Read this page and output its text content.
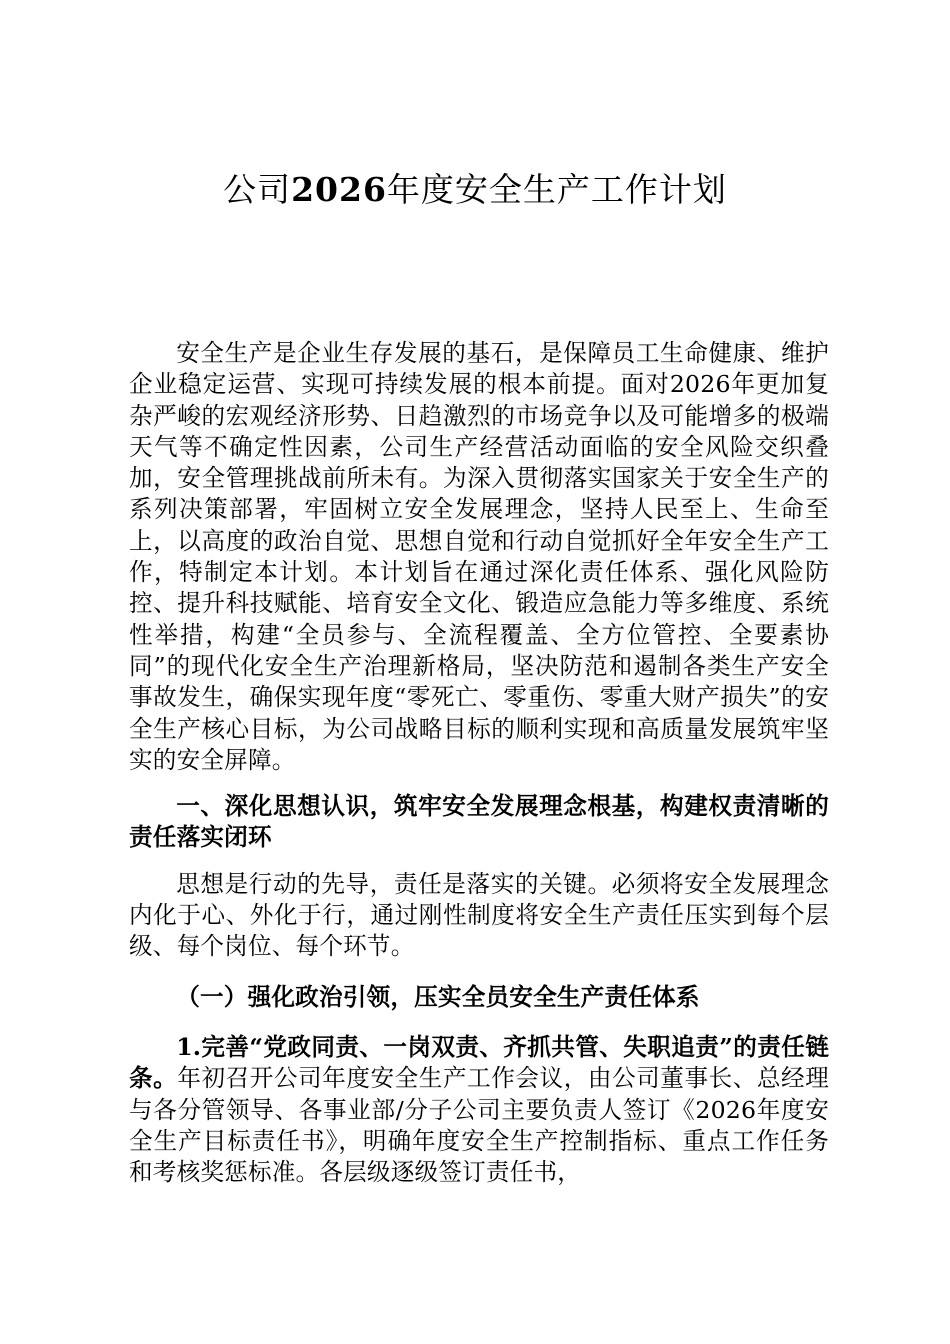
公司2026年度安全生产工作计划

安全生产是企业生存发展的基石，是保障员工生命健康、维护企业稳定运营、实现可持续发展的根本前提。面对2026年更加复杂严峻的宏观经济形势、日趋激烈的市场竞争以及可能增多的极端天气等不确定性因素，公司生产经营活动面临的安全风险交织叠加，安全管理挑战前所未有。为深入贯彻落实国家关于安全生产的系列决策部署，牢固树立安全发展理念，坚持人民至上、生命至上，以高度的政治自觉、思想自觉和行动自觉抓好全年安全生产工作，特制定本计划。本计划旨在通过深化责任体系、强化风险防控、提升科技赋能、培育安全文化、锻造应急能力等多维度、系统性举措，构建“全员参与、全流程覆盖、全方位管控、全要素协同”的现代化安全生产治理新格局，坚决防范和遏制各类生产安全事故发生，确保实现年度“零死亡、零重伤、零重大财产损失”的安全生产核心目标，为公司战略目标的顺利实现和高质量发展筑牢坚实的安全屏障。

一、深化思想认识，筑牢安全发展理念根基，构建权责清晰的责任落实闭环

思想是行动的先导，责任是落实的关键。必须将安全发展理念内化于心、外化于行，通过刚性制度将安全生产责任压实到每个层级、每个岗位、每个环节。

（一）强化政治引领，压实全员安全生产责任体系

1.完善“党政同责、一岗双责、齐抓共管、失职追责”的责任链条。年初召开公司年度安全生产工作会议，由公司董事长、总经理与各分管领导、各事业部/分子公司主要负责人签订《2026年度安全生产目标责任书》，明确年度安全生产控制指标、重点工作任务和考核奖惩标准。各层级逐级签订责任书，
